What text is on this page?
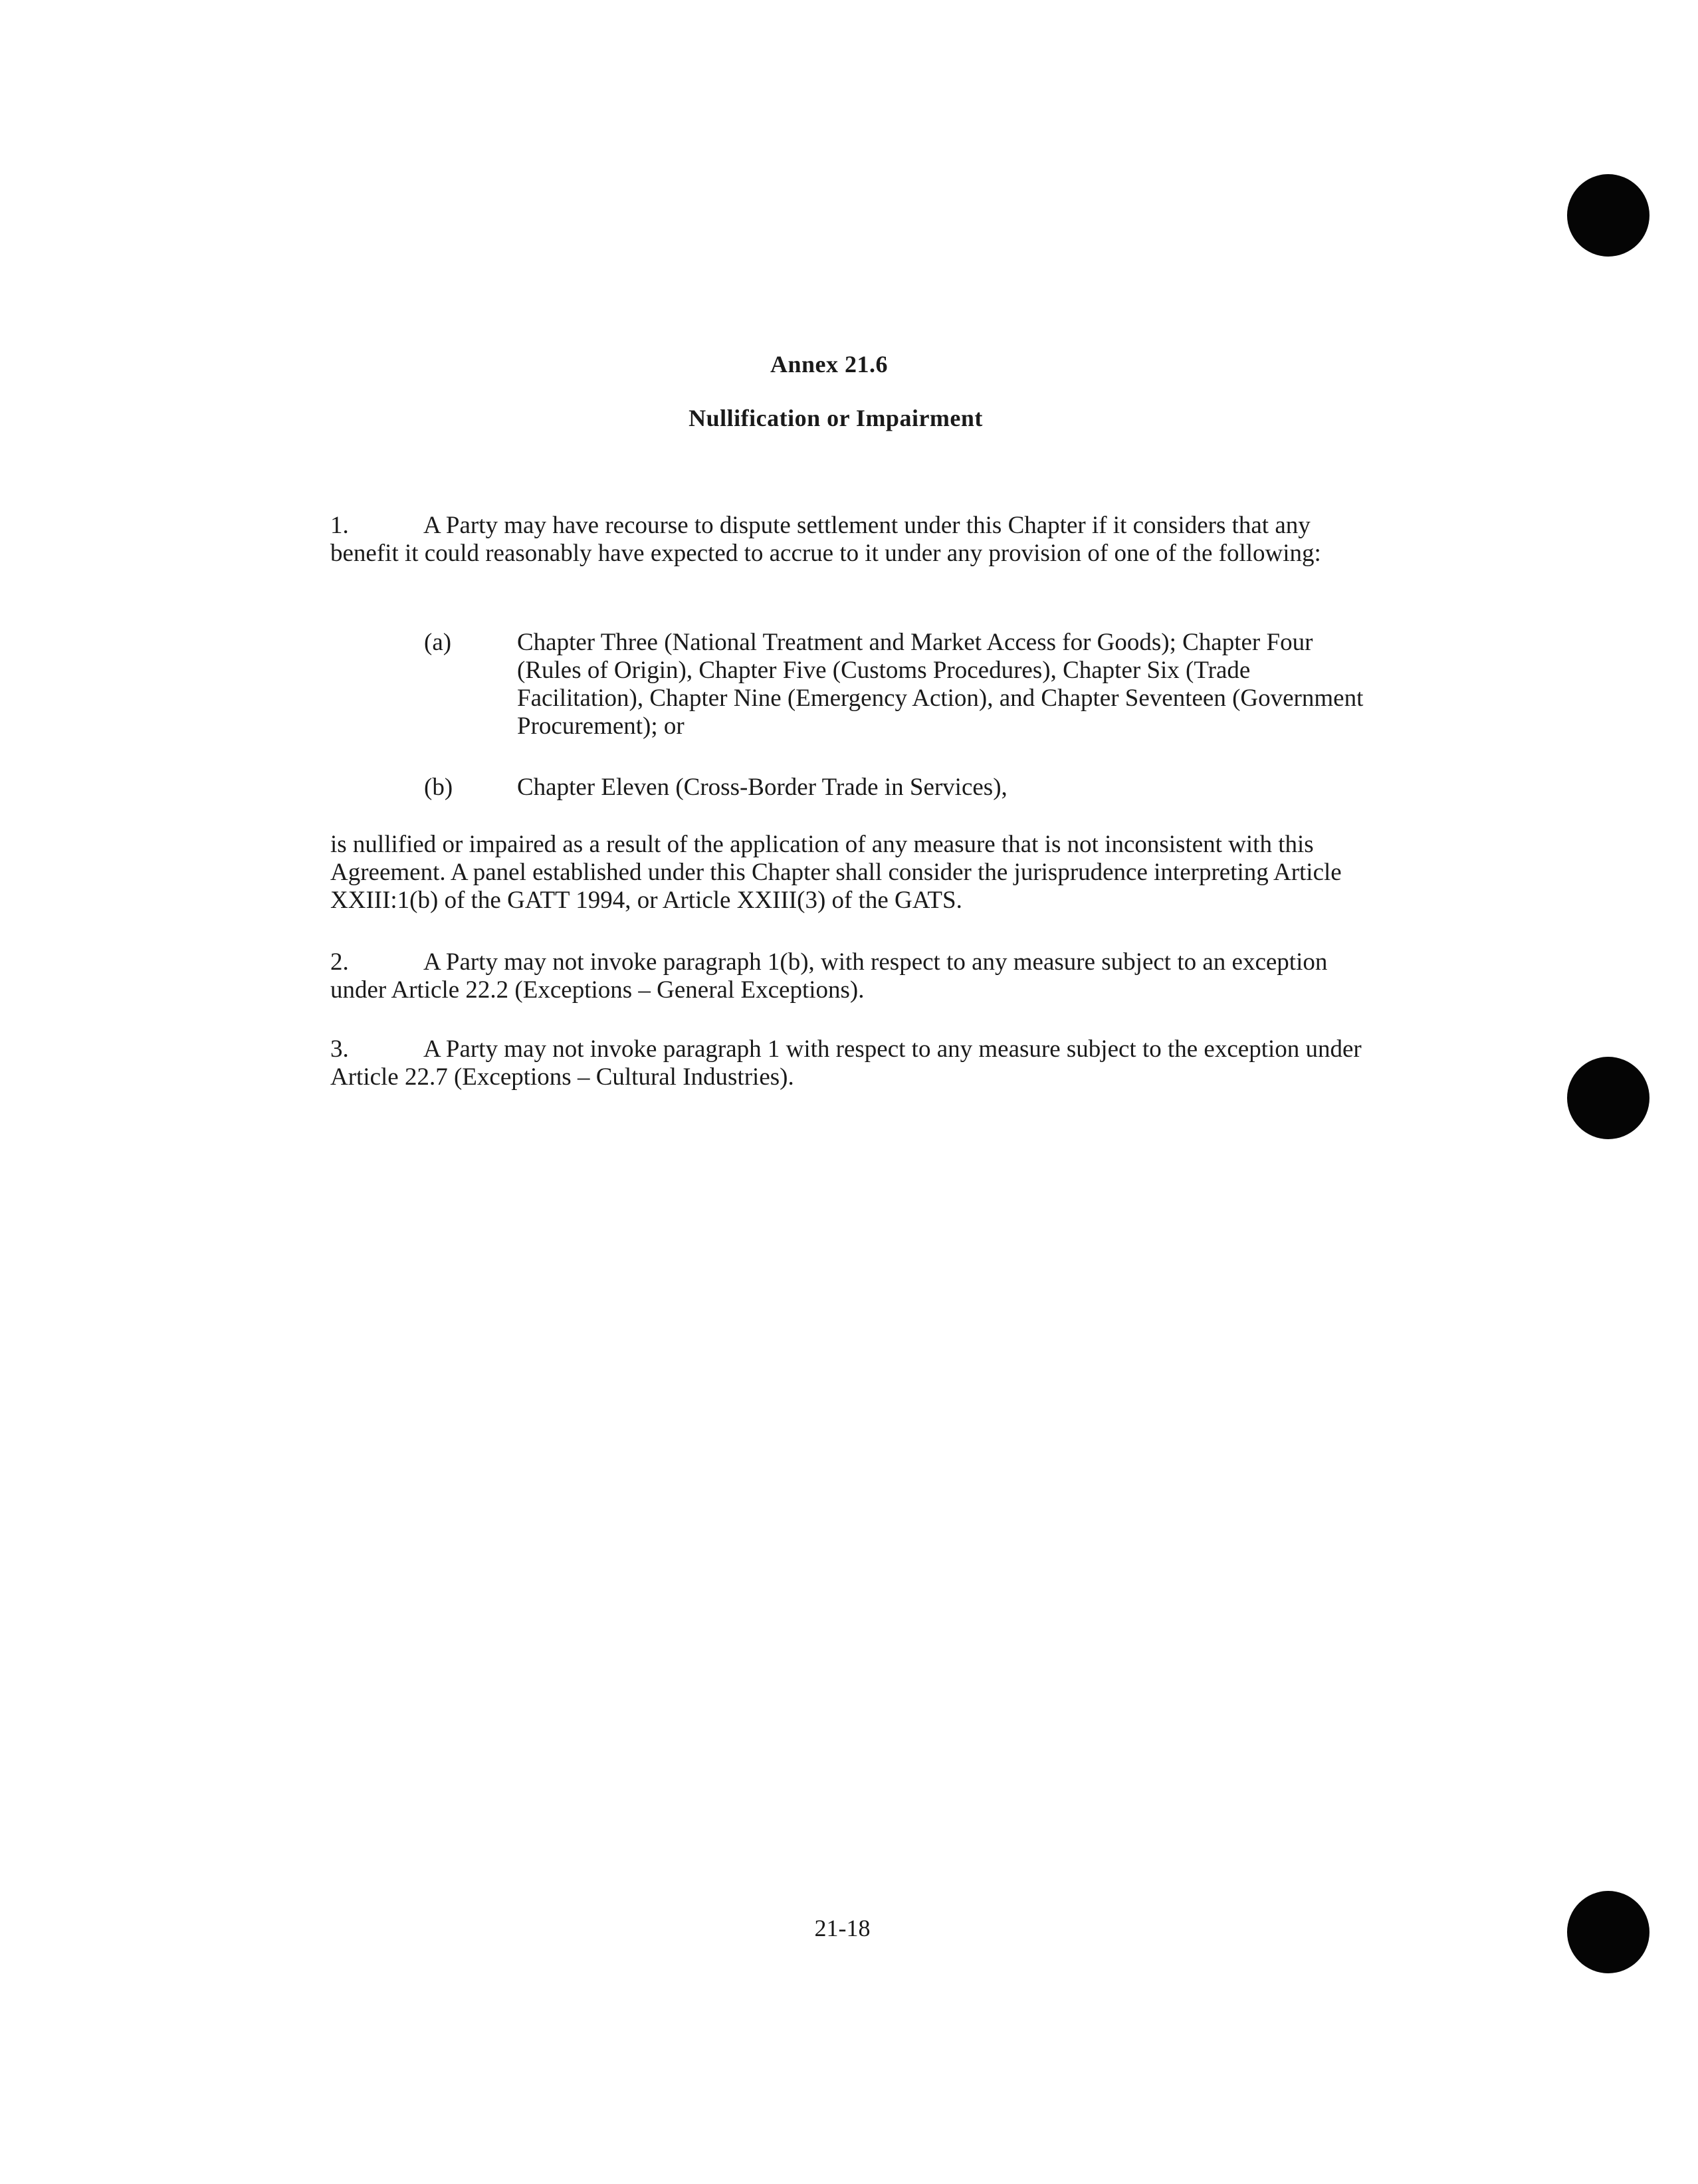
Annex 21.6
Nullification or Impairment
1.	A Party may have recourse to dispute settlement under this Chapter if it considers that any benefit it could reasonably have expected to accrue to it under any provision of one of the following:
(a)	Chapter Three (National Treatment and Market Access for Goods); Chapter Four (Rules of Origin), Chapter Five (Customs Procedures), Chapter Six (Trade Facilitation), Chapter Nine (Emergency Action), and Chapter Seventeen (Government Procurement); or
(b)	Chapter Eleven (Cross-Border Trade in Services),
is nullified or impaired as a result of the application of any measure that is not inconsistent with this Agreement. A panel established under this Chapter shall consider the jurisprudence interpreting Article XXIII:1(b) of the GATT 1994, or Article XXIII(3) of the GATS.
2.	A Party may not invoke paragraph 1(b), with respect to any measure subject to an exception under Article 22.2 (Exceptions – General Exceptions).
3.	A Party may not invoke paragraph 1 with respect to any measure subject to the exception under Article 22.7 (Exceptions – Cultural Industries).
21-18
